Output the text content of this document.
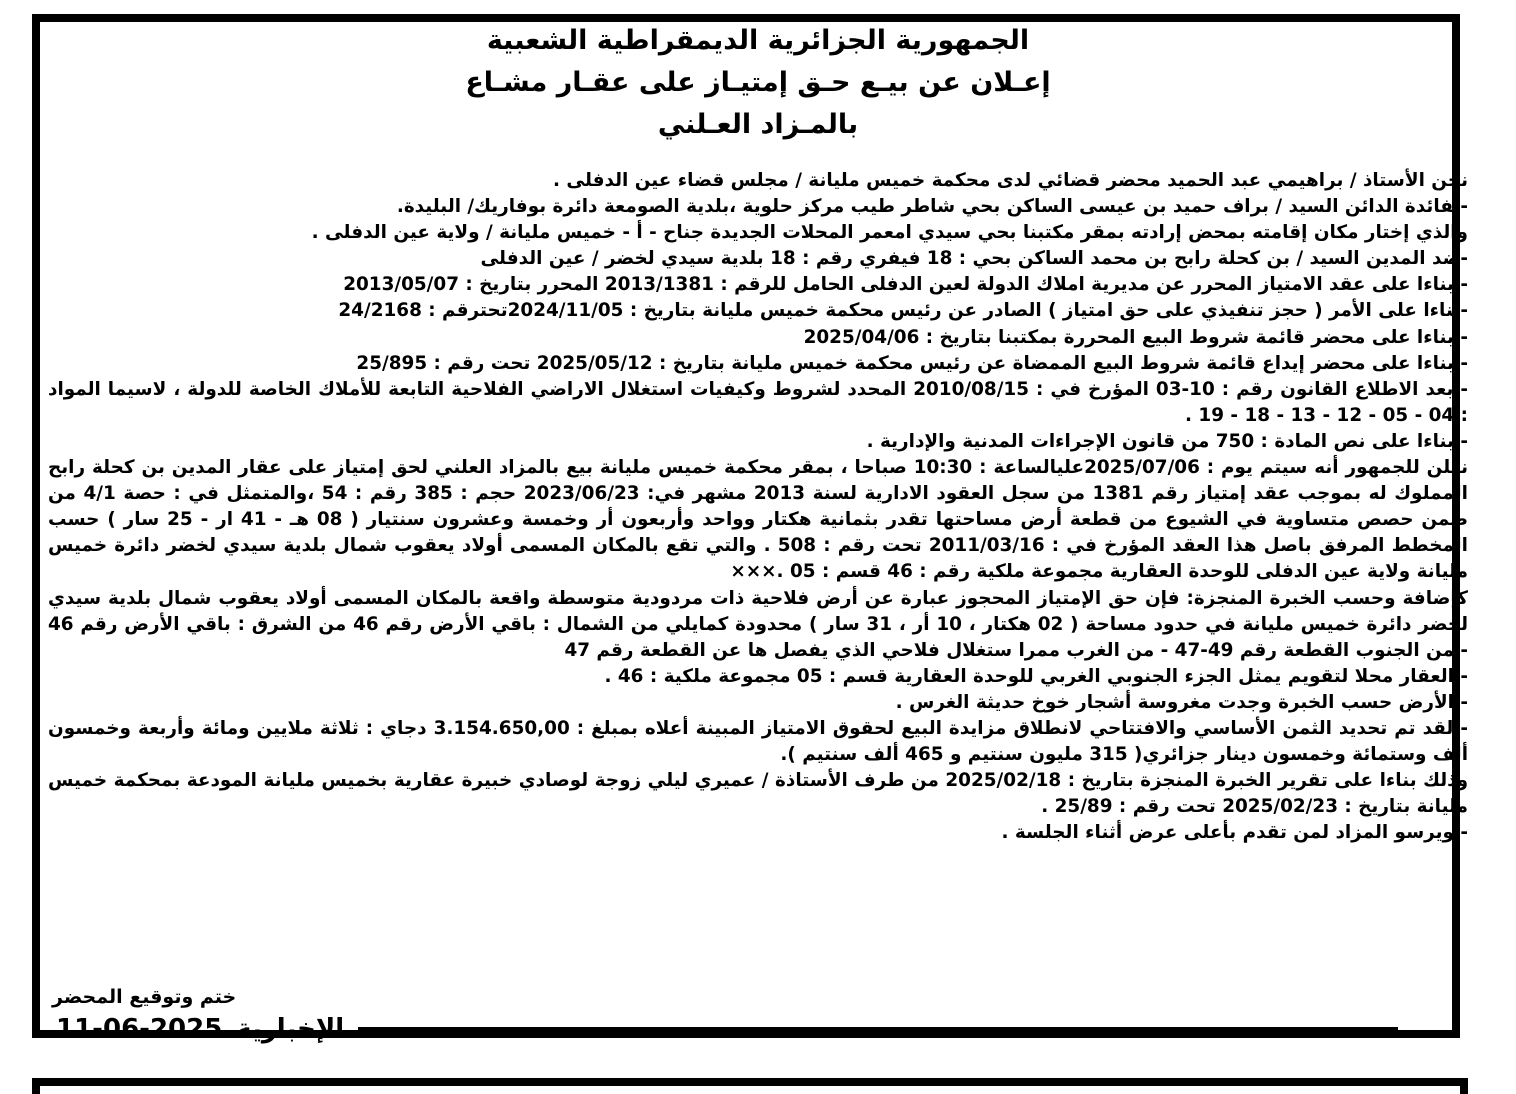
الجمهورية الجزائرية الديمقراطية الشعبية
إعـلان عن بيـع حـق إمتيـاز على عقـار مشـاع
بالمـزاد العـلني

نحن الأستاذ / براهيمي عبد الحميد محضر قضائي لدى محكمة خميس مليانة / مجلس قضاء عين الدفلى .

-لفائدة الدائن السيد / براف حميد بن عيسى الساكن بحي شاطر طيب مركز حلوية ،بلدية الصومعة دائرة بوفاريك/ البليدة.

والذي إختار مكان إقامته بمحض إرادته بمقر مكتبنا بحي سيدي امعمر المحلات الجديدة جناح - أ - خميس مليانة / ولاية عين الدفلى .

-ضد المدين السيد / بن كحلة رابح بن محمد الساكن بحي : 18 فيفري رقم : 18 بلدية سيدي لخضر / عين الدفلى

- بناءا على عقد الامتياز المحرر عن مديرية املاك الدولة لعين الدفلى الحامل للرقم : 2013/1381 المحرر بتاريخ : 2013/05/07

-بناءا على الأمر ( حجز تنفيذي على حق امتياز ) الصادر عن رئيس محكمة خميس مليانة بتاريخ : 2024/11/05تحترقم : 24/2168

- بناءا على محضر قائمة شروط البيع المحررة بمكتبنا بتاريخ : 2025/04/06

- بناءا على محضر إيداع قائمة شروط البيع الممضاة عن رئيس محكمة خميس مليانة بتاريخ : 2025/05/12 تحت رقم : 25/895

- بعد الاطلاع القانون رقم : 10-03 المؤرخ في : 2010/08/15 المحدد لشروط وكيفيات استغلال الاراضي الفلاحية التابعة للأملاك الخاصة للدولة ، لاسيما المواد : 04 - 05 - 12 - 13 - 18 - 19 .

- بناءا على نص المادة : 750 من قانون الإجراءات المدنية والإدارية .

نعلن للجمهور أنه سيتم يوم : 2025/07/06عليالساعة : 10:30 صباحا ، بمقر محكمة خميس مليانة بيع بالمزاد العلني لحق إمتياز على عقار المدين بن كحلة رابح المملوك له بموجب عقد إمتياز رقم 1381 من سجل العقود الادارية لسنة 2013 مشهر في: 2023/06/23 حجم : 385 رقم : 54 ،والمتمثل في : حصة 4/1 من ضمن حصص متساوية في الشيوع من قطعة أرض مساحتها تقدر بثمانية هكتار وواحد وأربعون أر وخمسة وعشرون سنتيار ( 08 هـ - 41 ار - 25 سار ) حسب المخطط المرفق باصل هذا العقد المؤرخ في : 2011/03/16 تحت رقم : 508 . والتي تقع بالمكان المسمى أولاد يعقوب شمال بلدية سيدي لخضر دائرة خميس مليانة ولاية عين الدفلى للوحدة العقارية مجموعة ملكية رقم : 46 قسم : 05 .×××

كإضافة وحسب الخبرة المنجزة: فإن حق الإمتياز المحجوز عبارة عن أرض فلاحية ذات مردودية متوسطة واقعة بالمكان المسمى أولاد يعقوب شمال بلدية سيدي لخضر دائرة خميس مليانة في حدود مساحة ( 02 هكتار ، 10 أر ، 31 سار ) محدودة كمايلي من الشمال : باقي الأرض رقم 46 من الشرق : باقي الأرض رقم 46 - من الجنوب القطعة رقم 49-47 - من الغرب ممرا ستغلال فلاحي الذي يفصل ها عن القطعة رقم 47

- العقار محلا لتقويم يمثل الجزء الجنوبي الغربي للوحدة العقارية قسم : 05 مجموعة ملكية : 46 .

- الأرض حسب الخبرة وجدت مغروسة أشجار خوخ حديثة الغرس .

- لقد تم تحديد الثمن الأساسي والافتتاحي لانطلاق مزايدة البيع لحقوق الامتياز المبينة أعلاه بمبلغ : 3.154.650,00 دجاي : ثلاثة ملايين ومائة وأربعة وخمسون ألف وستمائة وخمسون دينار جزائري( 315 مليون سنتيم و 465 ألف سنتيم ).

وذلك بناءا على تقرير الخبرة المنجزة بتاريخ : 2025/02/18 من طرف الأستاذة / عميري ليلي زوجة لوصادي خبيرة عقارية بخميس مليانة المودعة بمحكمة خميس مليانة بتاريخ : 2025/02/23 تحت رقم : 25/89 .

- ويرسو المزاد لمن تقدم بأعلى عرض أثناء الجلسة .

ختم وتوقيع المحضر
11-06-2025 الإخبارية
